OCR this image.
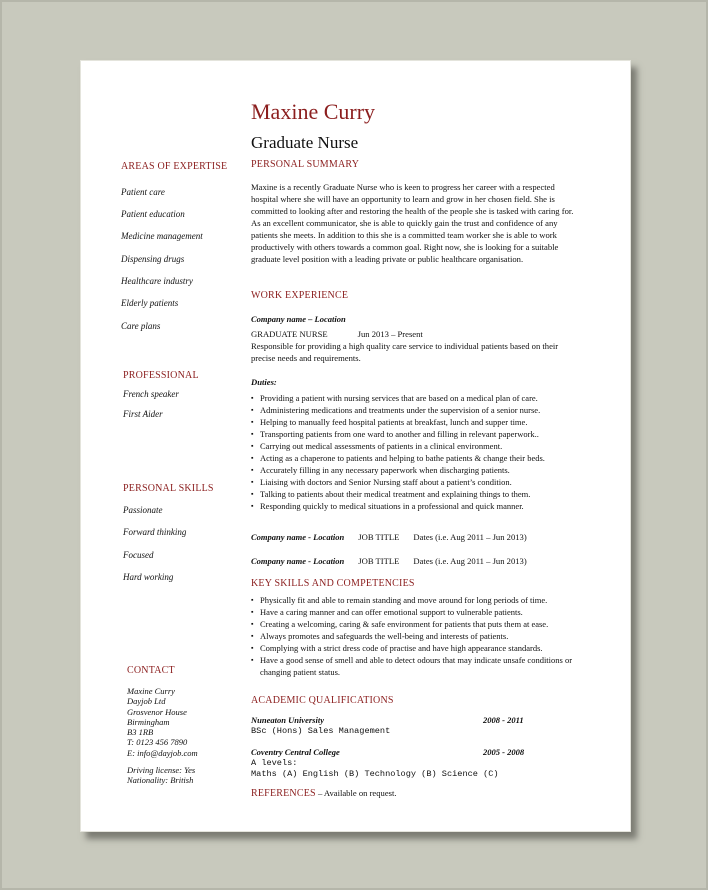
Maxine Curry
Graduate Nurse
AREAS OF EXPERTISE
Patient care
Patient education
Medicine management
Dispensing drugs
Healthcare industry
Elderly patients
Care plans
PROFESSIONAL
French speaker
First Aider
PERSONAL SKILLS
Passionate
Forward thinking
Focused
Hard working
CONTACT
Maxine Curry
Dayjob Ltd
Grosvenor House
Birmingham
B3 1RB
T: 0123 456 7890
E: info@dayjob.com
Driving license: Yes
Nationality: British
PERSONAL SUMMARY
Maxine is a recently Graduate Nurse who is keen to progress her career with a respected hospital where she will have an opportunity to learn and grow in her chosen field. She is committed to looking after and restoring the health of the people she is tasked with caring for. As an excellent communicator, she is able to quickly gain the trust and confidence of any patients she meets. In addition to this she is a committed team worker she is able to work productively with others towards a common goal. Right now, she is looking for a suitable graduate level position with a leading private or public healthcare organisation.
WORK EXPERIENCE
Company name – Location
GRADUATE NURSE	Jun 2013 – Present
Responsible for providing a high quality care service to individual patients based on their precise needs and requirements.
Duties:
▪ Providing a patient with nursing services that are based on a medical plan of care.
▪ Administering medications and treatments under the supervision of a senior nurse.
▪ Helping to manually feed hospital patients at breakfast, lunch and supper time.
▪ Transporting patients from one ward to another and filling in relevant paperwork..
▪ Carrying out medical assessments of patients in a clinical environment.
▪ Acting as a chaperone to patients and helping to bathe patients & change their beds.
▪ Accurately filling in any necessary paperwork when discharging patients.
▪ Liaising with doctors and Senior Nursing staff about a patient’s condition.
▪ Talking to patients about their medical treatment and explaining things to them.
▪ Responding quickly to medical situations in a professional and quick manner.
Company name - Location JOB TITLE Dates (i.e. Aug 2011 – Jun 2013)
Company name - Location JOB TITLE Dates (i.e. Aug 2011 – Jun 2013)
KEY SKILLS AND COMPETENCIES
▪ Physically fit and able to remain standing and move around for long periods of time.
▪ Have a caring manner and can offer emotional support to vulnerable patients.
▪ Creating a welcoming, caring & safe environment for patients that puts them at ease.
▪ Always promotes and safeguards the well-being and interests of patients.
▪ Complying with a strict dress code of practise and have high appearance standards.
▪ Have a good sense of smell and able to detect odours that may indicate unsafe conditions or changing patient status.
ACADEMIC QUALIFICATIONS
Nuneaton University	2008 - 2011
BSc (Hons) Sales Management
Coventry Central College	2005 - 2008
A levels:
Maths (A) English (B) Technology (B) Science (C)
REFERENCES – Available on request.
